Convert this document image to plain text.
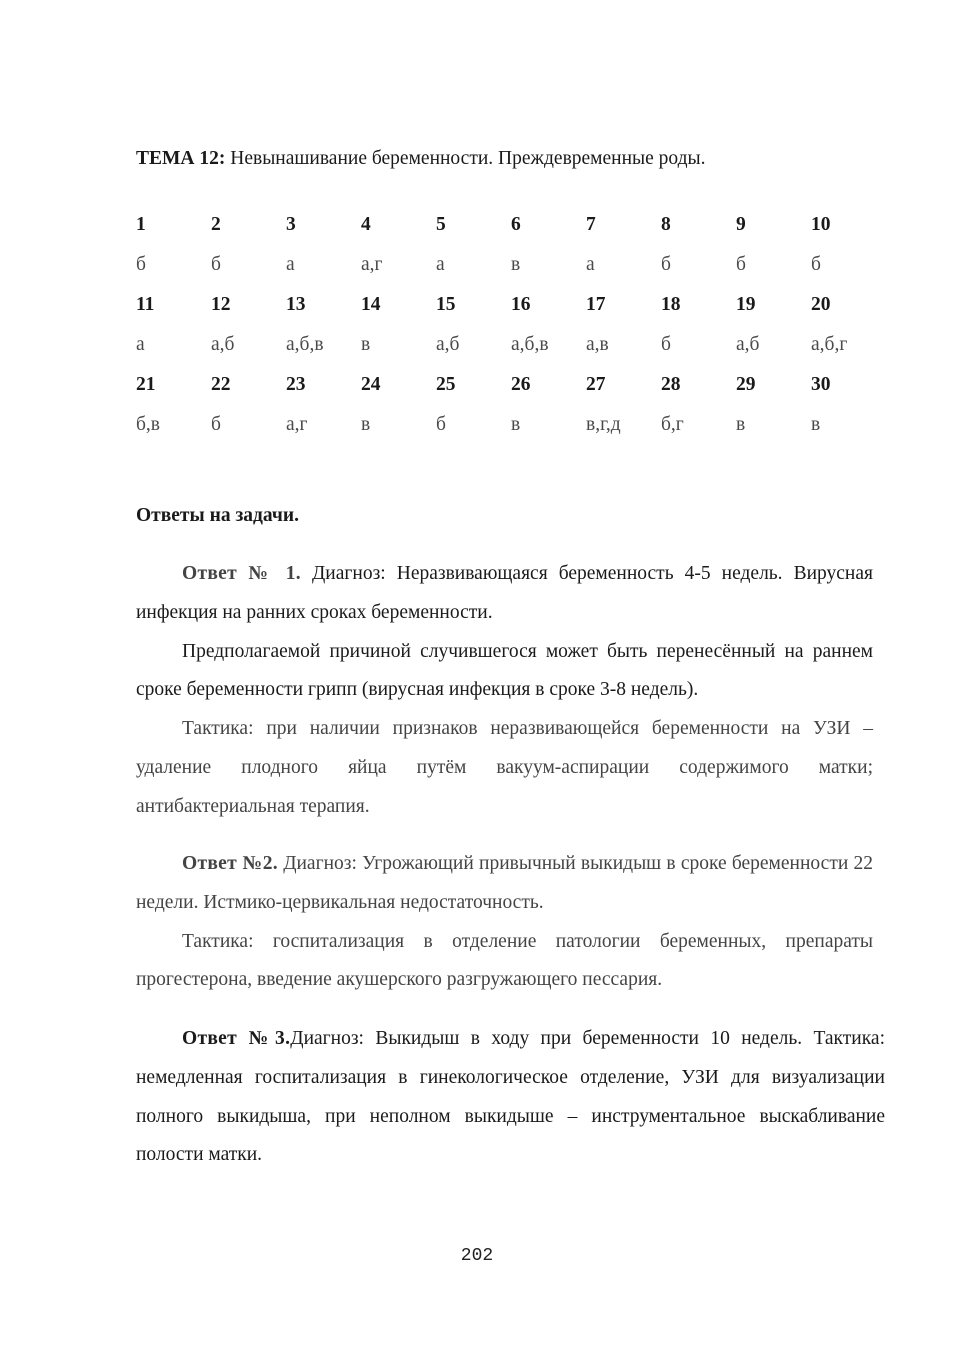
ТЕМА 12: Невынашивание беременности. Преждевременные роды.
1	2	3	4	5	6	7	8	9	10
б	б	а	а,г	а	в	а	б	б	б
11	12	13	14	15	16	17	18	19	20
а	а,б	а,б,в	в	а,б	а,б,в	а,в	б	а,б	а,б,г
21	22	23	24	25	26	27	28	29	30
б,в	б	а,г	в	б	в	в,г,д	б,г	в	в
Ответы на задачи.

Ответ № 1. Диагноз: Неразвивающаяся беременность 4-5 недель. Вирусная инфекция на ранних сроках беременности.

Предполагаемой причиной случившегося может быть перенесённый на раннем сроке беременности грипп (вирусная инфекция в сроке 3-8 недель).

Тактика: при наличии признаков неразвивающейся беременности на УЗИ – удаление плодного яйца путём вакуум-аспирации содержимого матки; антибактериальная терапия.

Ответ №2. Диагноз: Угрожающий привычный выкидыш в сроке беременности 22 недели. Истмико-цервикальная недостаточность.

Тактика: госпитализация в отделение патологии беременных, препараты прогестерона, введение акушерского разгружающего пессария.

Ответ №3.Диагноз: Выкидыш в ходу при беременности 10 недель. Тактика: немедленная госпитализация в гинекологическое отделение, УЗИ для визуализации полного выкидыша, при неполном выкидыше – инструментальное выскабливание полости матки.

202
